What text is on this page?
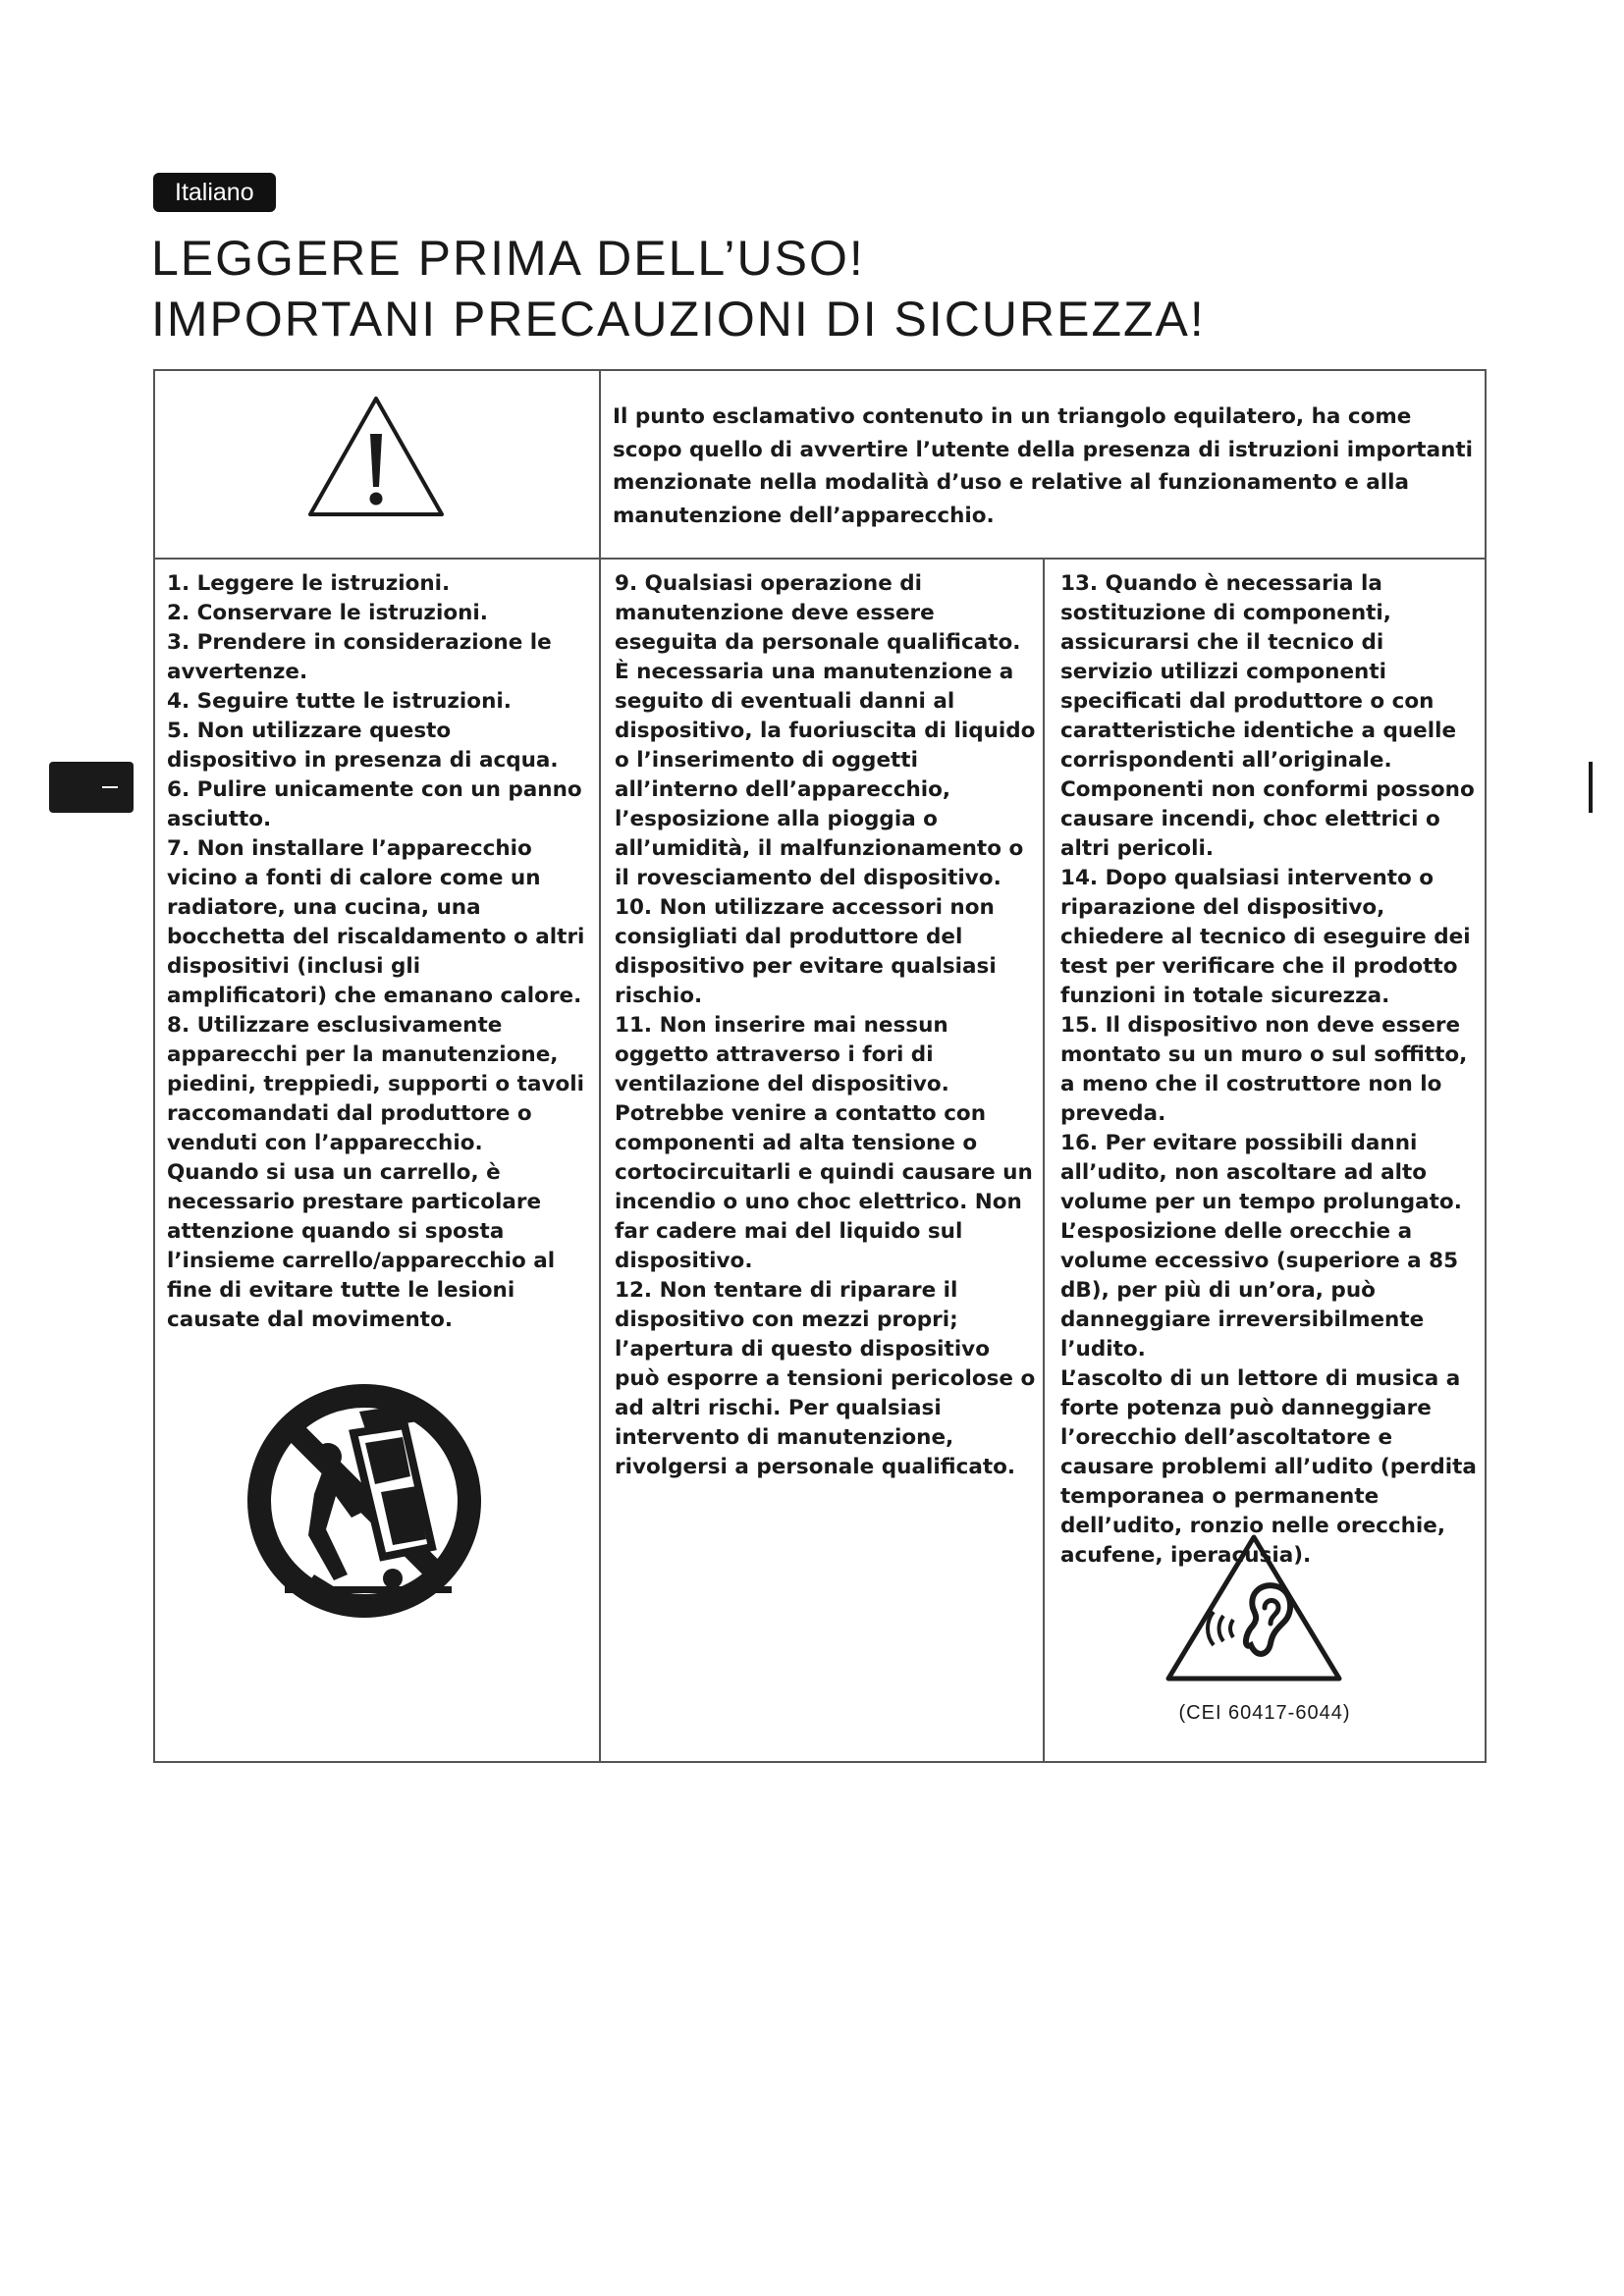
Italiano
LEGGERE PRIMA DELL’USO!
IMPORTANI PRECAUZIONI DI SICUREZZA!

Il punto esclamativo contenuto in un triangolo equilatero, ha come scopo quello di avvertire l’utente della presenza di istruzioni importanti menzionate nella modalità d’uso e relative al funzionamento e alla manutenzione dell’apparecchio.

1. Leggere le istruzioni.

2. Conservare le istruzioni.

3. Prendere in considerazione le avvertenze.

4. Seguire tutte le istruzioni.

5. Non utilizzare questo dispositivo in presenza di acqua.

6. Pulire unicamente con un panno asciutto.

7. Non installare l’apparecchio vicino a fonti di calore come un radiatore, una cucina, una bocchetta del riscaldamento o altri dispositivi (inclusi gli amplificatori) che emanano calore.

8. Utilizzare esclusivamente apparecchi per la manutenzione, piedini, treppiedi, supporti o tavoli raccomandati dal produttore o venduti con l’apparecchio.

Quando si usa un carrello, è necessario prestare particolare attenzione quando si sposta l’insieme carrello/apparecchio al fine di evitare tutte le lesioni causate dal movimento.

9. Qualsiasi operazione di manutenzione deve essere eseguita da personale qualificato.

È necessaria una manutenzione a seguito di eventuali danni al dispositivo, la fuoriuscita di liquido o l’inserimento di oggetti all’interno dell’apparecchio, l’esposizione alla pioggia o all’umidità, il malfunzionamento o il rovesciamento del dispositivo.

10. Non utilizzare accessori non consigliati dal produttore del dispositivo per evitare qualsiasi rischio.

11. Non inserire mai nessun oggetto attraverso i fori di ventilazione del dispositivo. Potrebbe venire a contatto con componenti ad alta tensione o cortocircuitarli e quindi causare un incendio o uno choc elettrico. Non far cadere mai del liquido sul dispositivo.

12. Non tentare di riparare il dispositivo con mezzi propri; l’apertura di questo dispositivo può esporre a tensioni pericolose o ad altri rischi. Per qualsiasi intervento di manutenzione, rivolgersi a personale qualificato.

13. Quando è necessaria la sostituzione di componenti, assicurarsi che il tecnico di servizio utilizzi componenti specificati dal produttore o con caratteristiche identiche a quelle corrispondenti all’originale. Componenti non conformi possono causare incendi, choc elettrici o altri pericoli.

14. Dopo qualsiasi intervento o riparazione del dispositivo, chiedere al tecnico di eseguire dei test per verificare che il prodotto funzioni in totale sicurezza.

15. Il dispositivo non deve essere montato su un muro o sul soffitto, a meno che il costruttore non lo preveda.

16. Per evitare possibili danni all’udito, non ascoltare ad alto volume per un tempo prolungato.

L’esposizione delle orecchie a volume eccessivo (superiore a 85 dB), per più di un’ora, può danneggiare irreversibilmente l’udito.

L’ascolto di un lettore di musica a forte potenza può danneggiare l’orecchio dell’ascoltatore e causare problemi all’udito (perdita temporanea o permanente dell’udito, ronzio nelle orecchie, acufene, iperacusia).

(CEI 60417-6044)
